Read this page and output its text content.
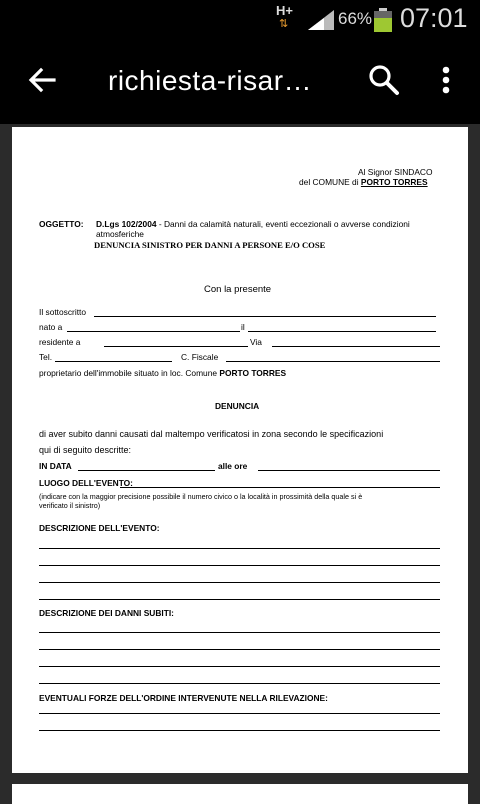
H+
⇅	66% 07:01
richiesta-risar…
Al Signor SINDACO
del COMUNE di PORTO TORRES
OGGETTO: D.Lgs 102/2004 - Danni da calamità naturali, eventi eccezionali o avverse condizioni
atmosferiche
DENUNCIA SINISTRO PER DANNI A PERSONE E/O COSE
Con la presente
Il sottoscritto
nato a	il
residente a	Via
Tel.	C. Fiscale
proprietario dell'immobile situato in loc. Comune PORTO TORRES
DENUNCIA
di aver subito danni causati dal maltempo verificatosi in zona secondo le specificazioni
qui di seguito descritte:
IN DATA	alle ore
LUOGO DELL'EVENTO:
(indicare con la maggior precisione possibile il numero civico o la località in prossimità della quale si è
verificato il sinistro)
DESCRIZIONE DELL'EVENTO:
DESCRIZIONE DEI DANNI SUBITI:
EVENTUALI FORZE DELL'ORDINE INTERVENUTE NELLA RILEVAZIONE:
